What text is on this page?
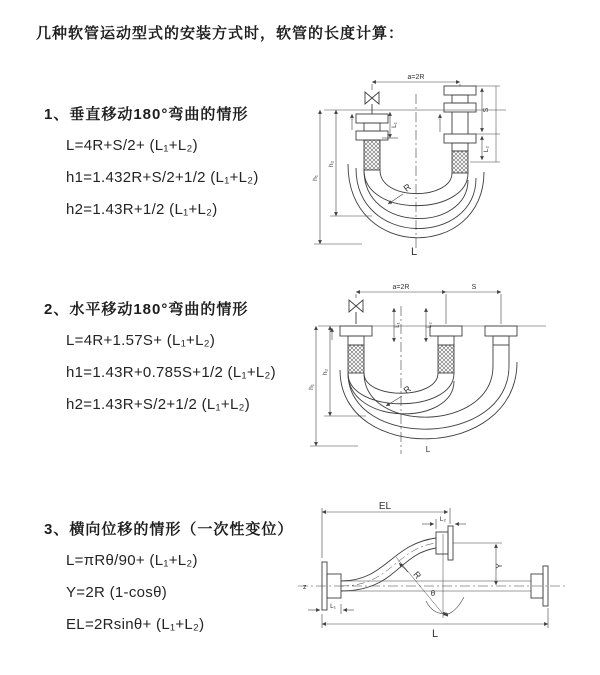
几种软管运动型式的安装方式时，软管的长度计算：
1、垂直移动180°弯曲的情形
L=4R+S/2+ (L₁+L₂)
h1=1.432R+S/2+1/2 (L₁+L₂)
h2=1.43R+1/2 (L₁+L₂)
2、水平移动180°弯曲的情形
L=4R+1.57S+ (L₁+L₂)
h1=1.43R+0.785S+1/2 (L₁+L₂)
h2=1.43R+S/2+1/2 (L₁+L₂)
3、横向位移的情形（一次性变位）
L=πRθ/90+ (L₁+L₂)
Y=2R (1-cosθ)
EL=2Rsinθ+ (L₁+L₂)
a=2R
L₁
S
L₂
h₁
h₂
R
L
a=2R	S
L₁	L₂
h₁
h₂
R
L
z
EL
L₂
Y
R
θ
L₁
L
